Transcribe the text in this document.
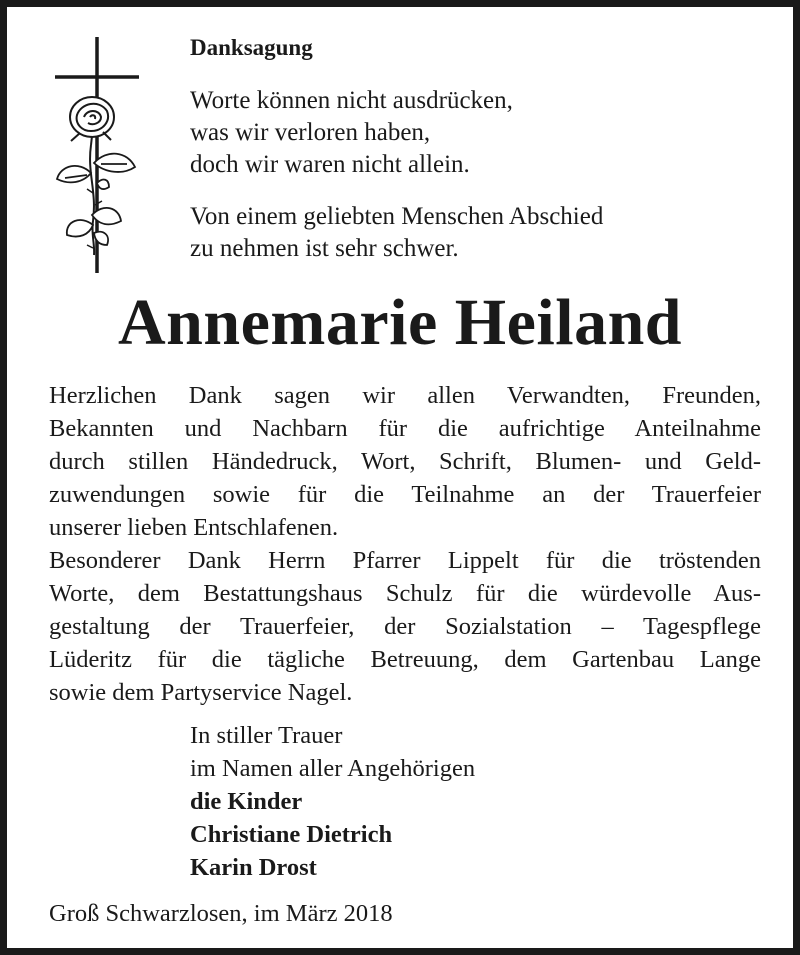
Danksagung
Worte können nicht ausdrücken,
was wir verloren haben,
doch wir waren nicht allein.
Von einem geliebten Menschen Abschied
zu nehmen ist sehr schwer.
Annemarie Heiland
Herzlichen Dank sagen wir allen Verwandten, Freunden,
Bekannten und Nachbarn für die aufrichtige Anteilnahme
durch stillen Händedruck, Wort, Schrift, Blumen- und Geld-
zuwendungen sowie für die Teilnahme an der Trauerfeier
unserer lieben Entschlafenen.
Besonderer Dank Herrn Pfarrer Lippelt für die tröstenden
Worte, dem Bestattungshaus Schulz für die würdevolle Aus-
gestaltung der Trauerfeier, der Sozialstation – Tagespflege
Lüderitz für die tägliche Betreuung, dem Gartenbau Lange
sowie dem Partyservice Nagel.
In stiller Trauer
im Namen aller Angehörigen
die Kinder
Christiane Dietrich
Karin Drost
Groß Schwarzlosen, im März 2018
